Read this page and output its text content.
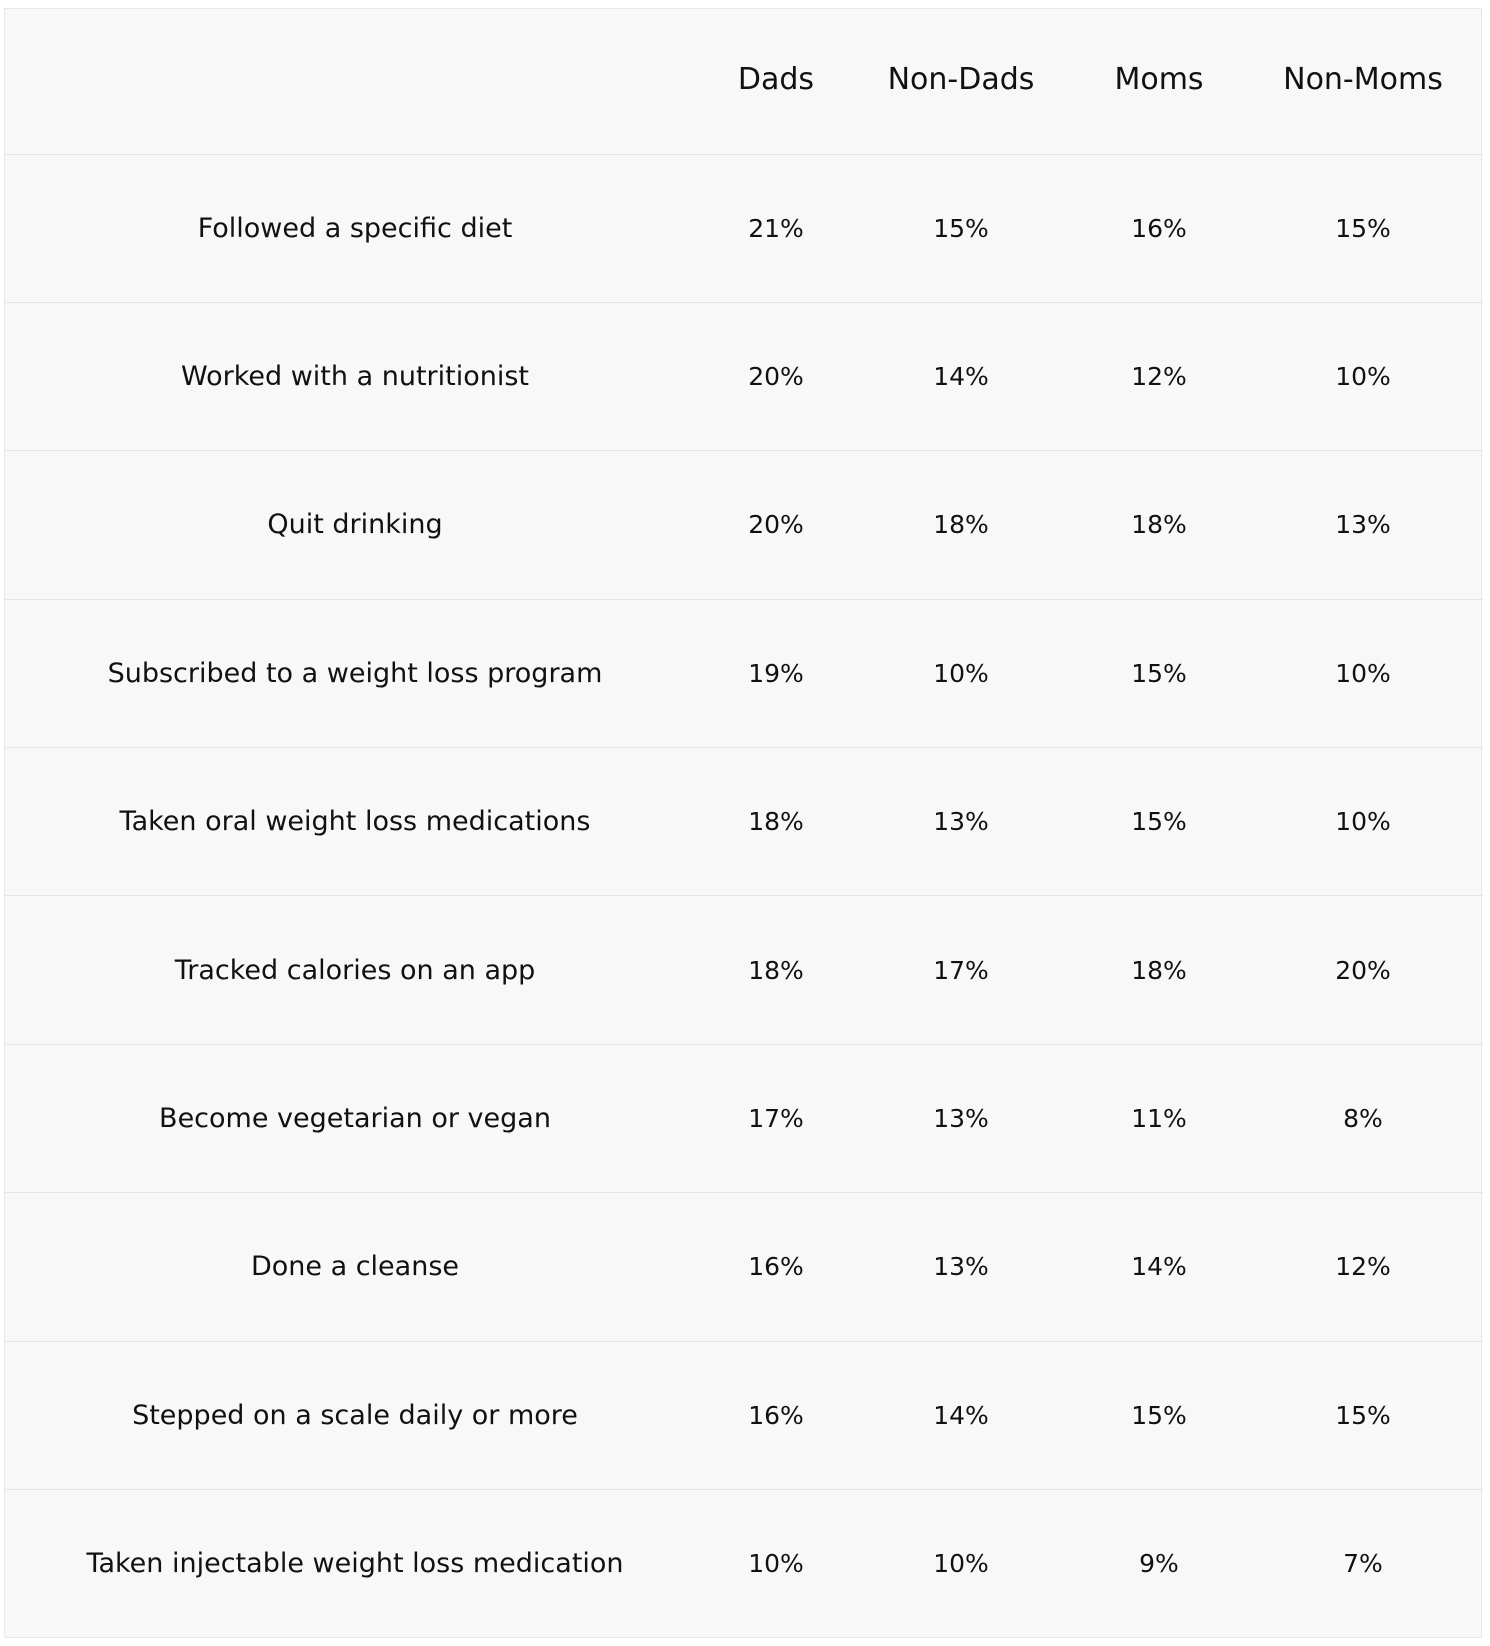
	Dads	Non-Dads	Moms	Non-Moms
Followed a specific diet	21%	15%	16%	15%
Worked with a nutritionist	20%	14%	12%	10%
Quit drinking	20%	18%	18%	13%
Subscribed to a weight loss program	19%	10%	15%	10%
Taken oral weight loss medications	18%	13%	15%	10%
Tracked calories on an app	18%	17%	18%	20%
Become vegetarian or vegan	17%	13%	11%	8%
Done a cleanse	16%	13%	14%	12%
Stepped on a scale daily or more	16%	14%	15%	15%
Taken injectable weight loss medication	10%	10%	9%	7%
